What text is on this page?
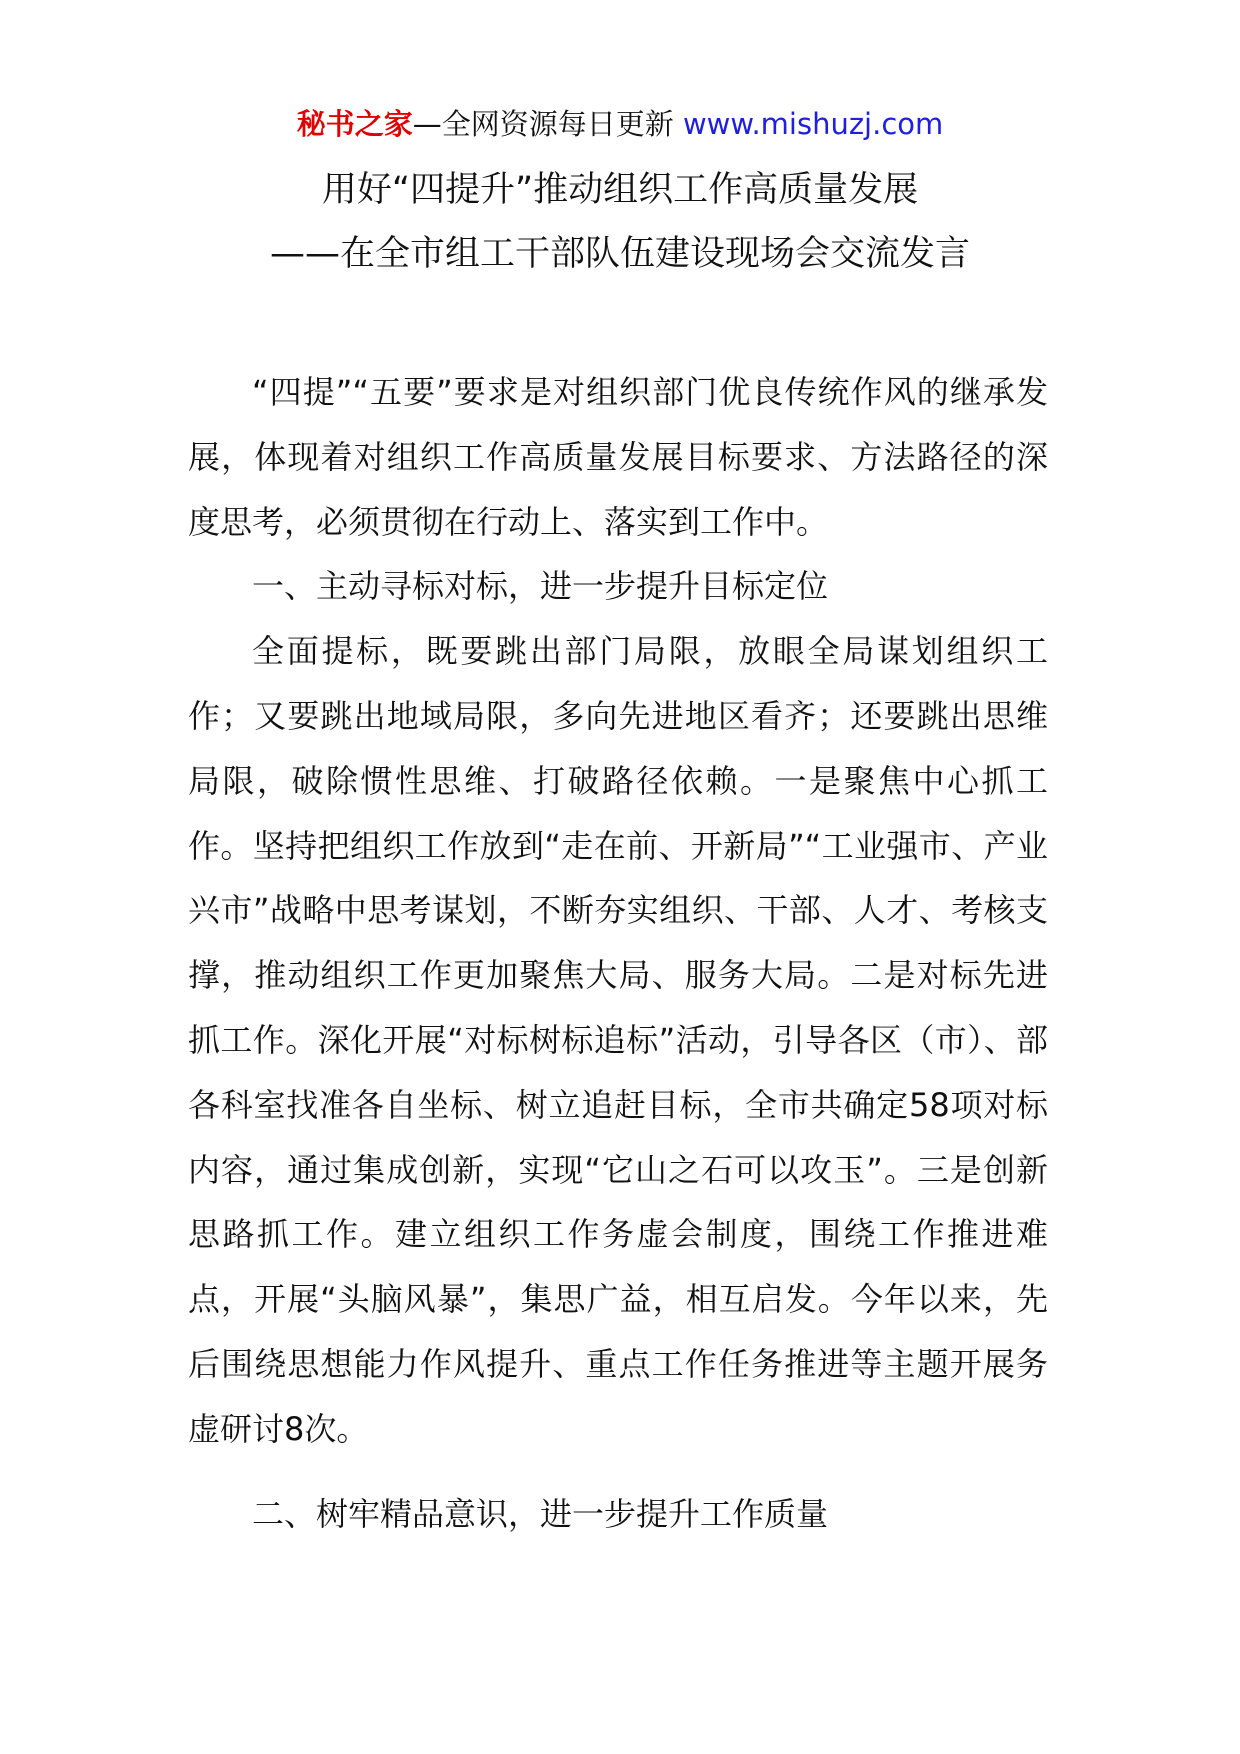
秘书之家—全网资源每日更新 www.mishuzj.com
用好“四提升”推动组织工作高质量发展
——在全市组工干部队伍建设现场会交流发言

“四提”“五要”要求是对组织部门优良传统作风的继承发展，体现着对组织工作高质量发展目标要求、方法路径的深度思考，必须贯彻在行动上、落实到工作中。

一、主动寻标对标，进一步提升目标定位

全面提标，既要跳出部门局限，放眼全局谋划组织工作；又要跳出地域局限，多向先进地区看齐；还要跳出思维局限，破除惯性思维、打破路径依赖。一是聚焦中心抓工作。坚持把组织工作放到“走在前、开新局”“工业强市、产业兴市”战略中思考谋划，不断夯实组织、干部、人才、考核支撑，推动组织工作更加聚焦大局、服务大局。二是对标先进抓工作。深化开展“对标树标追标”活动，引导各区（市）、部各科室找准各自坐标、树立追赶目标，全市共确定58项对标内容，通过集成创新，实现“它山之石可以攻玉”。三是创新思路抓工作。建立组织工作务虚会制度，围绕工作推进难点，开展“头脑风暴”，集思广益，相互启发。今年以来，先后围绕思想能力作风提升、重点工作任务推进等主题开展务虚研讨8次。

二、树牢精品意识，进一步提升工作质量
